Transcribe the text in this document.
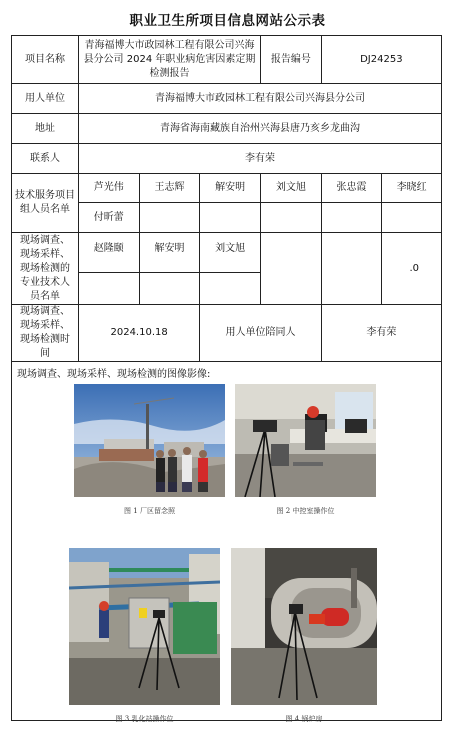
职业卫生所项目信息网站公示表
项目名称	青海福博大市政园林工程有限公司兴海县分公司 2024 年职业病危害因素定期检测报告			报告编号	DJ24253	
用人单位	青海福博大市政园林工程有限公司兴海县分公司					
地址	青海省海南藏族自治州兴海县唐乃亥乡龙曲沟					
联系人	李有荣					
技术服务项目组人员名单	芦光伟	王志辉	解安明	刘文旭	张忠霞	李晓红
	付昕蕾					
现场调查、现场采样、现场检测的专业技术人员名单	赵隆颐	解安明	刘文旭			.0

现场调查、现场采样、现场检测时间	2024.10.18		用人单位陪同人		李有荣	
现场调查、现场采样、现场检测的图像影像:
图 1 厂区留念照	图 2 中控室操作位
图 3 乳化站操作位	图 4 锅炉房
